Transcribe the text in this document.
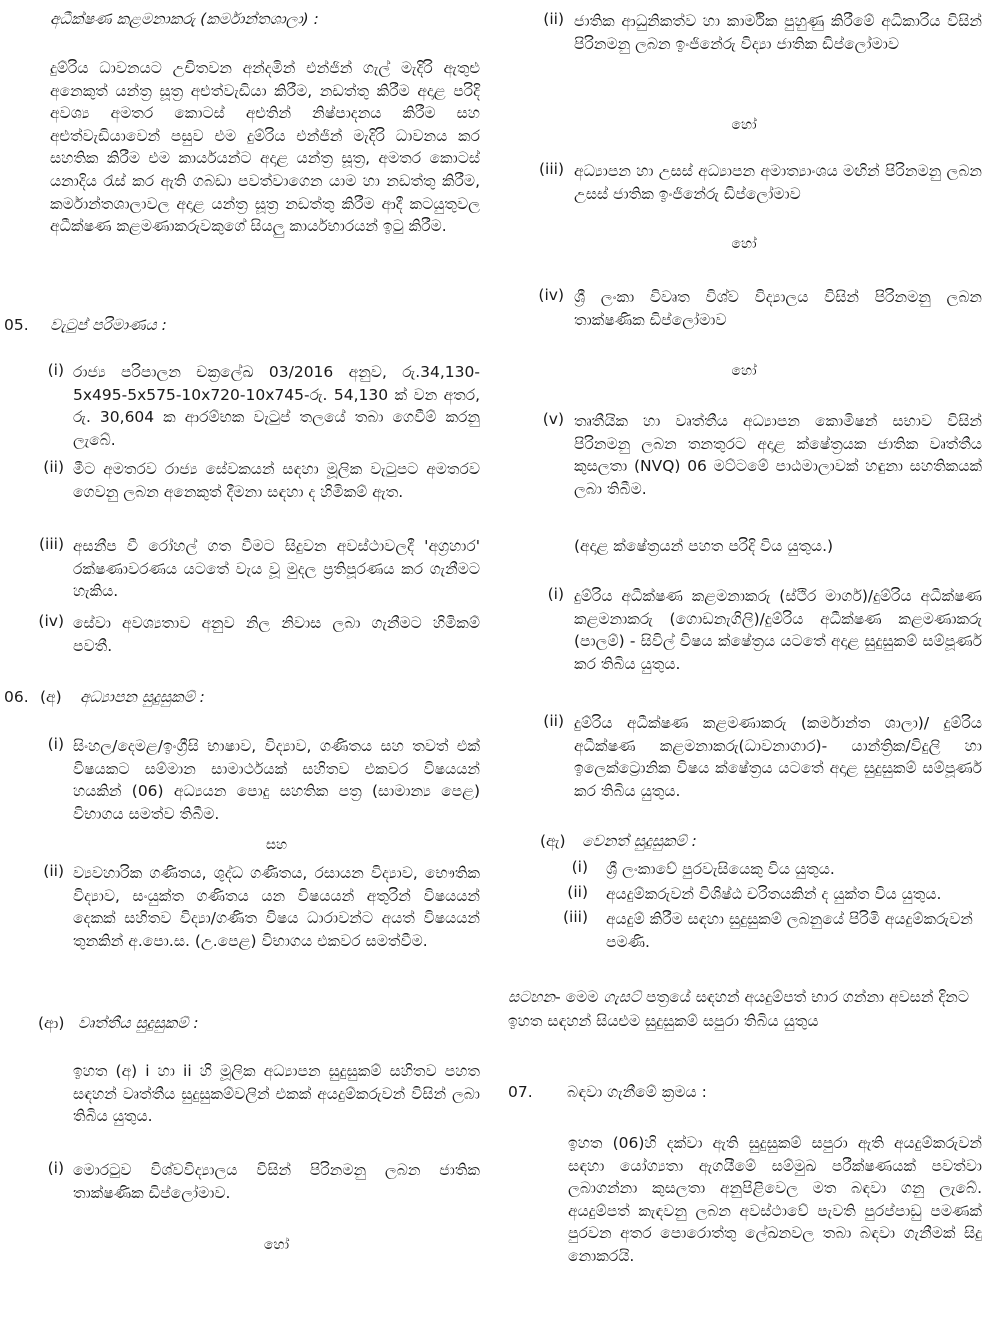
අධීක්ෂණ කළමනාකරු (කර්මාන්තශාලා) :
දුම්රිය ධාවනයට උචිතවන අන්දමින් එන්ජින් ගැල් මැදිරි ඇතුළු අනෙකුත් යන්ත්‍ර සූත්‍ර අළුත්වැඩියා කිරීම, නඩත්තු කිරීම අදාළ පරිදි අවශ්‍ය අමතර කොටස් අළුතින් නිෂ්පාදනය කිරීම සහ අළුත්වැඩියාවෙන් පසුව එම දුම්රිය එන්ජින් මැදිරි ධාවනය කර සහතික කිරීම එම කාර්යයන්ට අදාළ යන්ත්‍ර සූත්‍ර, අමතර කොටස් යනාදිය රැස් කර ඇති ගබඩා පවත්වාගෙන යාම හා නඩත්තු කිරීම, කර්මාන්තශාලාවල අදාළ යන්ත්‍ර සූත්‍ර නඩත්තු කිරීම ආදී කටයුතුවල අධීක්ෂණ කළමණාකරුවකුගේ සියලු කාර්යභාරයන් ඉටු කිරීම.
05. වැටුප් පරිමාණය :
(i) රාජ්‍ය පරිපාලන චක්‍රලේඛ 03/2016 අනුව, රු.34,130-5x495-5x575-10x720-10x745-රු. 54,130 ක් වන අතර, රු. 30,604 ක ආරම්භක වැටුප් තලයේ තබා ගෙවීම් කරනු ලැබේ.
(ii) මීට අමතරව රාජ්‍ය සේවකයන් සඳහා මූලික වැටුපට අමතරව ගෙවනු ලබන අනෙකුත් දීමනා සඳහා ද හිමිකම් ඇත.
(iii) අසනීප වී රෝහල් ගත වීමට සිදුවන අවස්ථාවලදී 'අග්‍රහාර' රක්ෂණාවරණය යටතේ වැය වූ මුදල ප්‍රතිපූරණය කර ගැනීමට හැකිය.
(iv) සේවා අවශ්‍යතාව අනුව නිල නිවාස ලබා ගැනීමට හිමිකම් පවතී.
06. (අ) අධ්‍යාපන සුදුසුකම් :
(i) සිංහල/දෙමළ/ඉංග්‍රීසි භාෂාව, විද්‍යාව, ගණිතය සහ තවත් එක් විෂයකට සම්මාන සාමාර්ථයක් සහිතව එකවර විෂයයන් හයකින් (06) අධ්‍යයන පොදු සහතික පත්‍ර (සාමාන්‍ය පෙළ) විභාගය සමත්ව තිබීම.
සහ
(ii) ව්‍යවහාරික ගණිතය, ශුද්ධ ගණිතය, රසායන විද්‍යාව, භෞතික විද්‍යාව, සංයුක්ත ගණිතය යන විෂයයන් අතුරින් විෂයයන් දෙකක් සහිතව විද්‍යා/ගණිත විෂය ධාරාවන්ට අයත් විෂයයන් තුනකින් අ.පො.ස. (උ.පෙළ) විභාගය එකවර සමත්වීම.
(ආ) වෘත්තීය සුදුසුකම් :
ඉහත (අ) i හා ii හි මූලික අධ්‍යාපන සුදුසුකම් සහිතව පහත සඳහන් වෘත්තීය සුදුසුකම්වලින් එකක් අයදුම්කරුවන් විසින් ලබා තිබිය යුතුය.
(i) මොරටුව විශ්වවිද්‍යාලය විසින් පිරිනමනු ලබන ජාතික තාක්ෂණික ඩිප්ලෝමාව.
හෝ
(ii) ජාතික ආධුනිකත්ව හා කාර්මික පුහුණු කිරීමේ අධිකාරිය විසින් පිරිනමනු ලබන ඉංජිනේරු විද්‍යා ජාතික ඩිප්ලෝමාව
හෝ
(iii) අධ්‍යාපන හා උසස් අධ්‍යාපන අමාත්‍යාංශය මඟින් පිරිනමනු ලබන උසස් ජාතික ඉංජිනේරු ඩිප්ලෝමාව
හෝ
(iv) ශ්‍රී ලංකා විවෘත විශ්ව විද්‍යාලය විසින් පිරිනමනු ලබන තාක්ෂණික ඩිප්ලෝමාව
හෝ
(v) තෘතීයික හා වෘත්තීය අධ්‍යාපන කොමිෂන් සභාව විසින් පිරිනමනු ලබන තනතුරට අදාළ ක්ෂේත්‍රයක ජාතික වෘත්තීය කුසලතා (NVQ) 06 මට්ටමේ පාඨමාලාවක් හඳුනා සහතිකයක් ලබා තිබීම.
(අදාළ ක්ෂේත්‍රයන් පහත පරිදි විය යුතුය.)
(i) දුම්රිය අධීක්ෂණ කළමනාකරු (ස්ථිර මාර්ග)/දුම්රිය අධීක්ෂණ කළමනාකරු (ගොඩනැගිලි)/දුම්රිය අධීක්ෂණ කළමණාකරු (පාලම්) - සිවිල් විෂය ක්ෂේත්‍රය යටතේ අදාළ සුදුසුකම් සම්පූර්ණ කර තිබිය යුතුය.
(ii) දුම්රිය අධීක්ෂණ කළමණාකරු (කර්මාන්ත ශාලා)/ දුම්රිය අධීක්ෂණ කළමනාකරු(ධාවනාගාර)- යාන්ත්‍රික/විදුලි හා ඉලෙක්ට්‍රොනික විෂය ක්ෂේත්‍රය යටතේ අදාළ සුදුසුකම් සම්පූර්ණ කර තිබිය යුතුය.
(ඇ) වෙනත් සුදුසුකම් :
(i) ශ්‍රී ලංකාවේ පුරවැසියෙකු විය යුතුය.
(ii) අයදුම්කරුවන් විශිෂ්ඨ චරිතයකින් ද යුක්ත විය යුතුය.
(iii) අයදුම් කිරීම සඳහා සුදුසුකම් ලබනුයේ පිරිමි අයදුම්කරුවන් පමණි.
සටහන- මෙම ගැසට් පත්‍රයේ සඳහන් අයදුම්පත් භාර ගන්නා අවසන් දිනට ඉහත සඳහන් සියළුම සුදුසුකම් සපුරා තිබිය යුතුය
07. බඳවා ගැනීමේ ක්‍රමය :
ඉහත (06)හි දක්වා ඇති සුදුසුකම් සපුරා ඇති අයදුම්කරුවන් සඳහා යෝග්‍යතා ඇගයීමේ සම්මුඛ පරීක්ෂණයක් පවත්වා ලබාගන්නා කුසලතා අනුපිළිවෙල මත බඳවා ගනු ලැබේ. අයදුම්පත් කැඳවනු ලබන අවස්ථාවේ පැවති පුරප්පාඩු පමණක් පුරවන අතර පොරොත්තු ලේඛනවල තබා බඳවා ගැනීමක් සිදු නොකරයි.
